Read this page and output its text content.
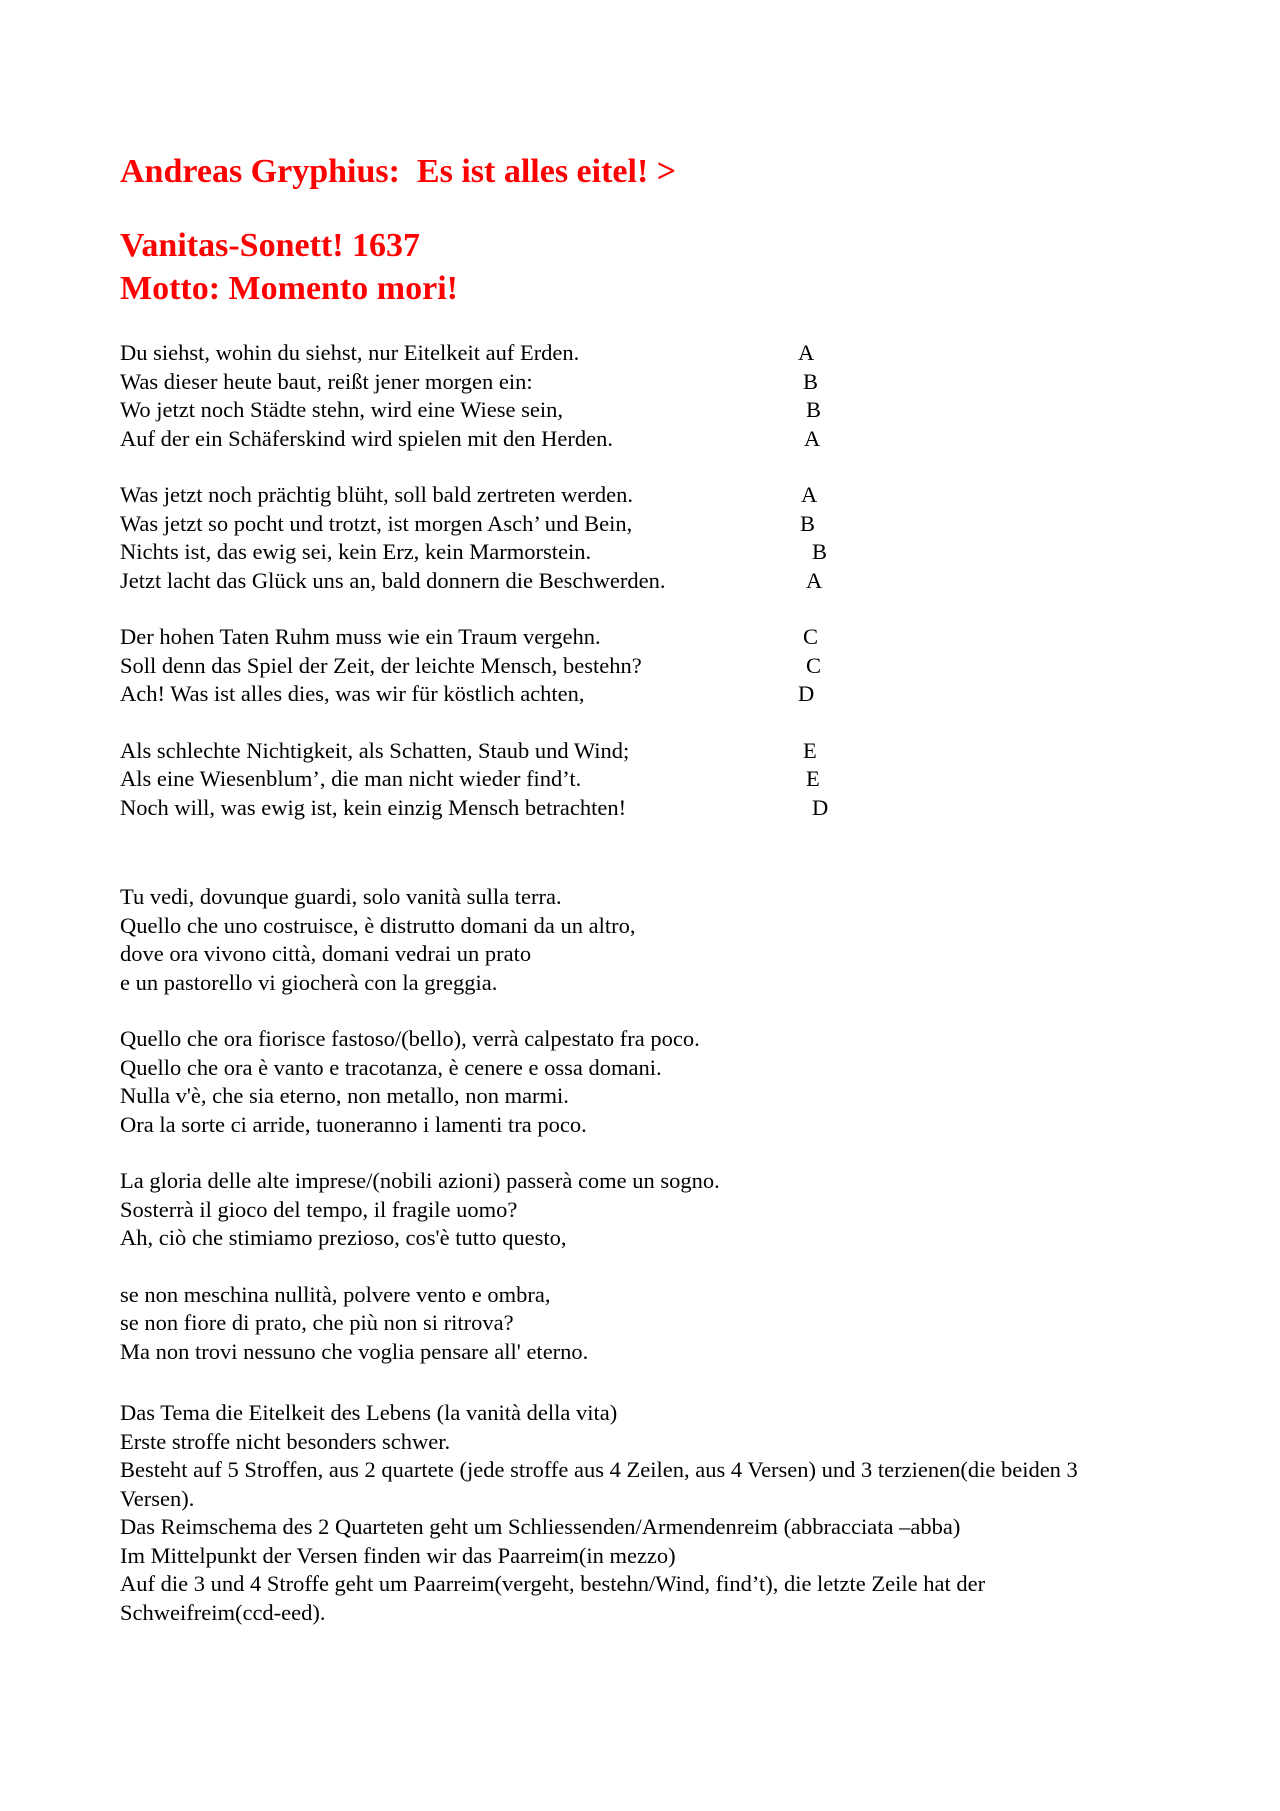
Andreas Gryphius:  Es ist alles eitel! >
Vanitas-Sonett! 1637
Motto: Momento mori!
Du siehst, wohin du siehst, nur Eitelkeit auf Erden.	A
Was dieser heute baut, reißt jener morgen ein:	B
Wo jetzt noch Städte stehn, wird eine Wiese sein,	B
Auf der ein Schäferskind wird spielen mit den Herden.	A
Was jetzt noch prächtig blüht, soll bald zertreten werden.	A
Was jetzt so pocht und trotzt, ist morgen Asch’ und Bein,	B
Nichts ist, das ewig sei, kein Erz, kein Marmorstein.	B
Jetzt lacht das Glück uns an, bald donnern die Beschwerden.	A
Der hohen Taten Ruhm muss wie ein Traum vergehn.	C
Soll denn das Spiel der Zeit, der leichte Mensch, bestehn?	C
Ach! Was ist alles dies, was wir für köstlich achten,	D
Als schlechte Nichtigkeit, als Schatten, Staub und Wind;	E
Als eine Wiesenblum’, die man nicht wieder find’t.	E
Noch will, was ewig ist, kein einzig Mensch betrachten!	D
Tu vedi, dovunque guardi, solo vanità sulla terra.
Quello che uno costruisce, è distrutto domani da un altro,
dove ora vivono città, domani vedrai un prato
e un pastorello vi giocherà con la greggia.
Quello che ora fiorisce fastoso/(bello), verrà calpestato fra poco.
Quello che ora è vanto e tracotanza, è cenere e ossa domani.
Nulla v'è, che sia eterno, non metallo, non marmi.
Ora la sorte ci arride, tuoneranno i lamenti tra poco.
La gloria delle alte imprese/(nobili azioni) passerà come un sogno.
Sosterrà il gioco del tempo, il fragile uomo?
Ah, ciò che stimiamo prezioso, cos'è tutto questo,
se non meschina nullità, polvere vento e ombra,
se non fiore di prato, che più non si ritrova?
Ma non trovi nessuno che voglia pensare all' eterno.
Das Tema die Eitelkeit des Lebens (la vanità della vita)
Erste stroffe nicht besonders schwer.
Besteht auf 5 Stroffen, aus 2 quartete (jede stroffe aus 4 Zeilen, aus 4 Versen) und 3 terzienen(die beiden 3 Versen).
Das Reimschema des 2 Quarteten geht um Schliessenden/Armendenreim (abbracciata –abba)
Im Mittelpunkt der Versen finden wir das Paarreim(in mezzo)
Auf die 3 und 4 Stroffe geht um Paarreim(vergeht, bestehn/Wind, find’t), die letzte Zeile hat der Schweifreim(ccd-eed).
